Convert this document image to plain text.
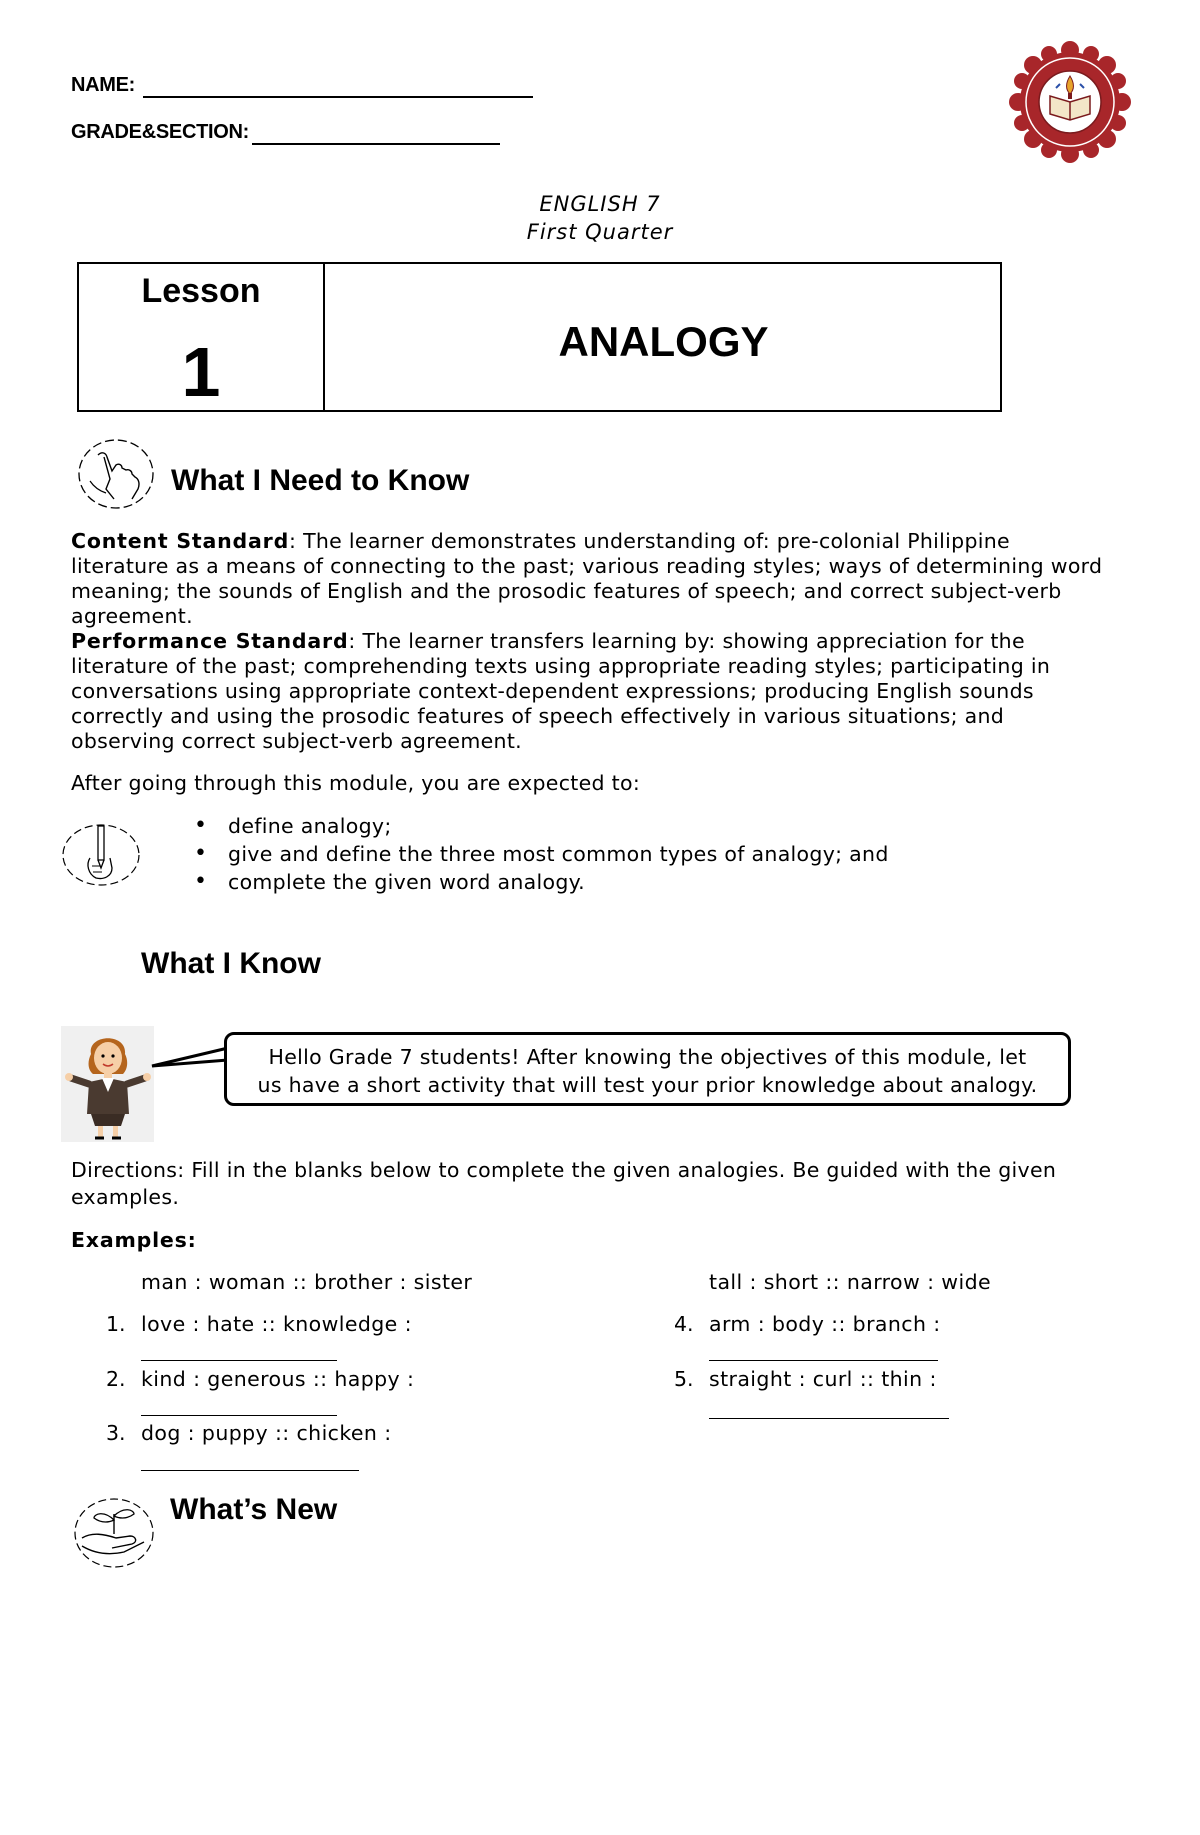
NAME:
GRADE&SECTION:
ENGLISH 7
First Quarter
Lesson
1	ANALOGY
What I Need to Know
Content Standard: The learner demonstrates understanding of: pre-colonial Philippine
literature as a means of connecting to the past; various reading styles; ways of determining word
meaning; the sounds of English and the prosodic features of speech; and correct subject-verb
agreement.
Performance Standard: The learner transfers learning by: showing appreciation for the
literature of the past; comprehending texts using appropriate reading styles; participating in
conversations using appropriate context-dependent expressions; producing English sounds
correctly and using the prosodic features of speech effectively in various situations; and
observing correct subject-verb agreement.
After going through this module, you are expected to:
• define analogy;
• give and define the three most common types of analogy; and
• complete the given word analogy.
What I Know
Hello Grade 7 students! After knowing the objectives of this module, let
us have a short activity that will test your prior knowledge about analogy.
Directions: Fill in the blanks below to complete the given analogies. Be guided with the given
examples.
Examples:
man : woman :: brother : sister	tall : short :: narrow : wide
1. love : hate :: knowledge :
2. kind : generous :: happy :
3. dog : puppy :: chicken :
4. arm : body :: branch :
5. straight : curl :: thin :
What’s New
